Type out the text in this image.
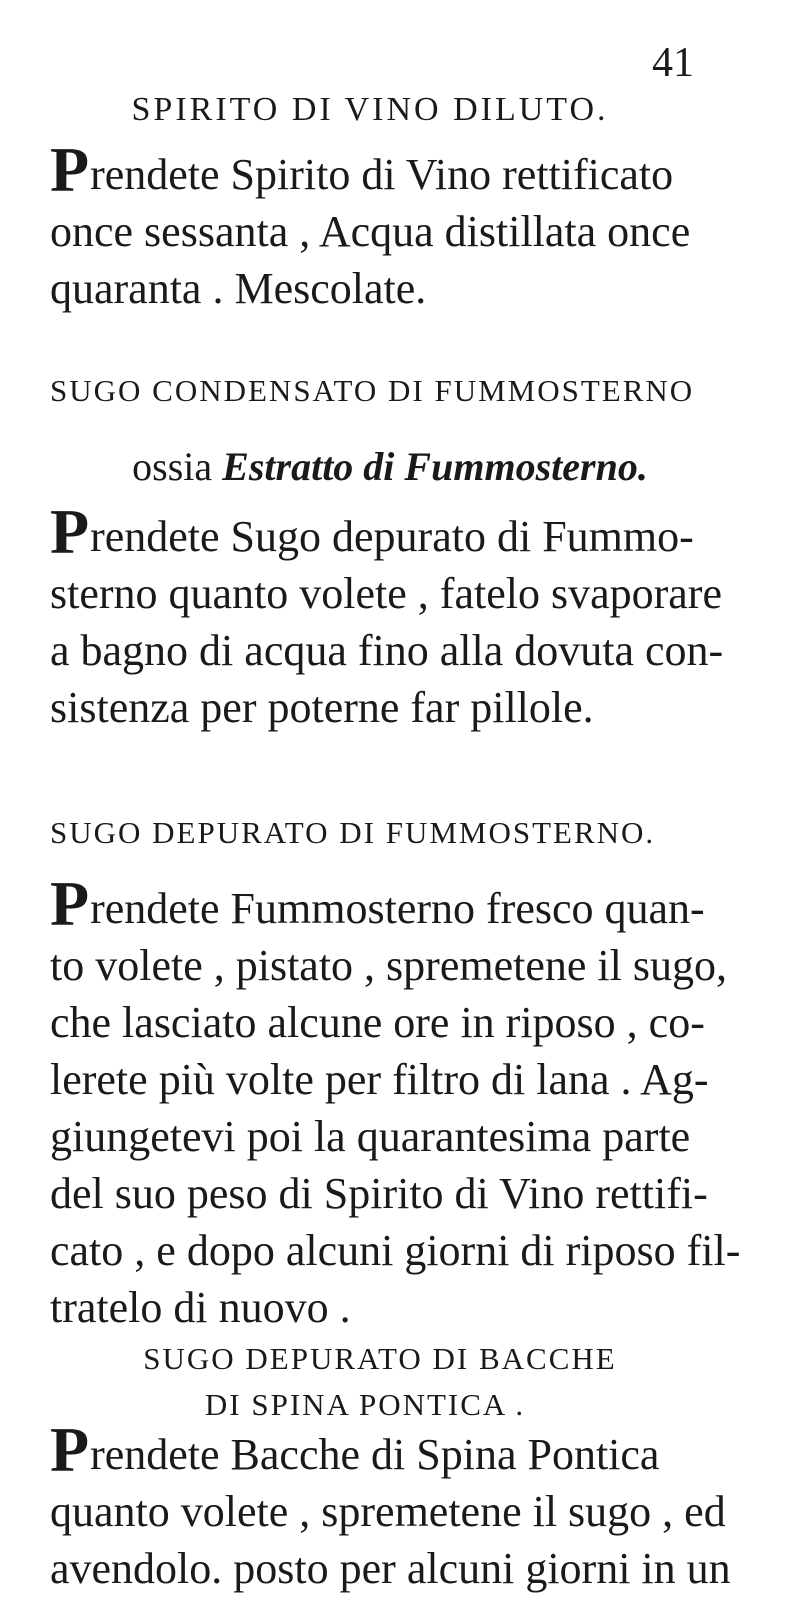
41
SPIRITO DI VINO DILUTO.

Prendete Spirito di Vino rettificato
once sessanta , Acqua distillata once
quaranta . Mescolate.

SUGO CONDENSATO DI FUMMOSTERNO
ossia Estratto di Fummosterno.

Prendete Sugo depurato di Fummo-
sterno quanto volete , fatelo svaporare
a bagno di acqua fino alla dovuta con-
sistenza per poterne far pillole.

SUGO DEPURATO DI FUMMOSTERNO.

Prendete Fummosterno fresco quan-
to volete , pistato , spremetene il sugo,
che lasciato alcune ore in riposo , co-
lerete più volte per filtro di lana . Ag-
giungetevi poi la quarantesima parte
del suo peso di Spirito di Vino rettifi-
cato , e dopo alcuni giorni di riposo fil-
tratelo di nuovo .

SUGO DEPURATO DI BACCHE
DI SPINA PONTICA .

Prendete Bacche di Spina Pontica
quanto volete , spremetene il sugo , ed
avendolo. posto per alcuni giorni in un
